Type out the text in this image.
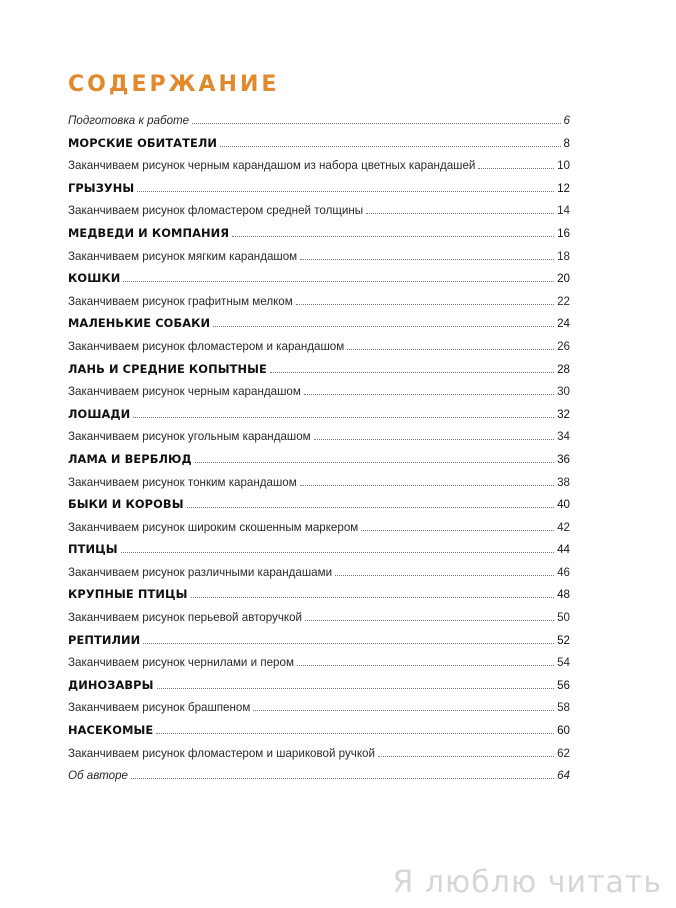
СОДЕРЖАНИЕ
Подготовка к работе	6
МОРСКИЕ ОБИТАТЕЛИ	8
Заканчиваем рисунок черным карандашом из набора цветных карандашей	10
ГРЫЗУНЫ	12
Заканчиваем рисунок фломастером средней толщины	14
МЕДВЕДИ И КОМПАНИЯ	16
Заканчиваем рисунок мягким карандашом	18
КОШКИ	20
Заканчиваем рисунок графитным мелком	22
МАЛЕНЬКИЕ СОБАКИ	24
Заканчиваем рисунок фломастером и карандашом	26
ЛАНЬ И СРЕДНИЕ КОПЫТНЫЕ	28
Заканчиваем рисунок черным карандашом	30
ЛОШАДИ	32
Заканчиваем рисунок угольным карандашом	34
ЛАМА И ВЕРБЛЮД	36
Заканчиваем рисунок тонким карандашом	38
БЫКИ И КОРОВЫ	40
Заканчиваем рисунок широким скошенным маркером	42
ПТИЦЫ	44
Заканчиваем рисунок различными карандашами	46
КРУПНЫЕ ПТИЦЫ	48
Заканчиваем рисунок перьевой авторучкой	50
РЕПТИЛИИ	52
Заканчиваем рисунок чернилами и пером	54
ДИНОЗАВРЫ	56
Заканчиваем рисунок брашпеном	58
НАСЕКОМЫЕ	60
Заканчиваем рисунок фломастером и шариковой ручкой	62
Об авторе	64
Я люблю читать
